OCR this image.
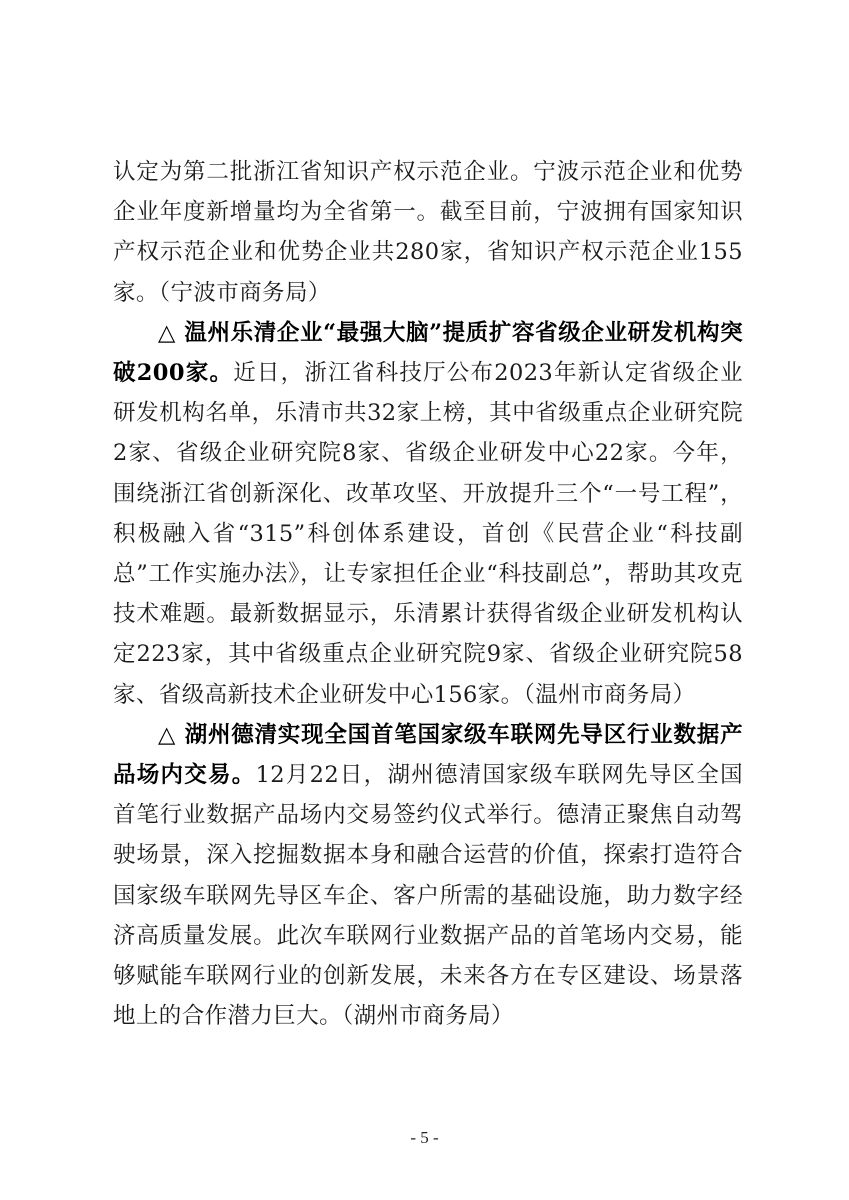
认定为第二批浙江省知识产权示范企业。宁波示范企业和优势企业年度新增量均为全省第一。截至目前，宁波拥有国家知识产权示范企业和优势企业共280家，省知识产权示范企业155家。（宁波市商务局）

△ 温州乐清企业“最强大脑”提质扩容省级企业研发机构突破200家。近日，浙江省科技厅公布2023年新认定省级企业研发机构名单，乐清市共32家上榜，其中省级重点企业研究院2家、省级企业研究院8家、省级企业研发中心22家。今年，围绕浙江省创新深化、改革攻坚、开放提升三个“一号工程”，积极融入省“315”科创体系建设，首创《民营企业“科技副总”工作实施办法》，让专家担任企业“科技副总”，帮助其攻克技术难题。最新数据显示，乐清累计获得省级企业研发机构认定223家，其中省级重点企业研究院9家、省级企业研究院58家、省级高新技术企业研发中心156家。（温州市商务局）

△ 湖州德清实现全国首笔国家级车联网先导区行业数据产品场内交易。12月22日，湖州德清国家级车联网先导区全国首笔行业数据产品场内交易签约仪式举行。德清正聚焦自动驾驶场景，深入挖掘数据本身和融合运营的价值，探索打造符合国家级车联网先导区车企、客户所需的基础设施，助力数字经济高质量发展。此次车联网行业数据产品的首笔场内交易，能够赋能车联网行业的创新发展，未来各方在专区建设、场景落地上的合作潜力巨大。（湖州市商务局）

- 5 -
